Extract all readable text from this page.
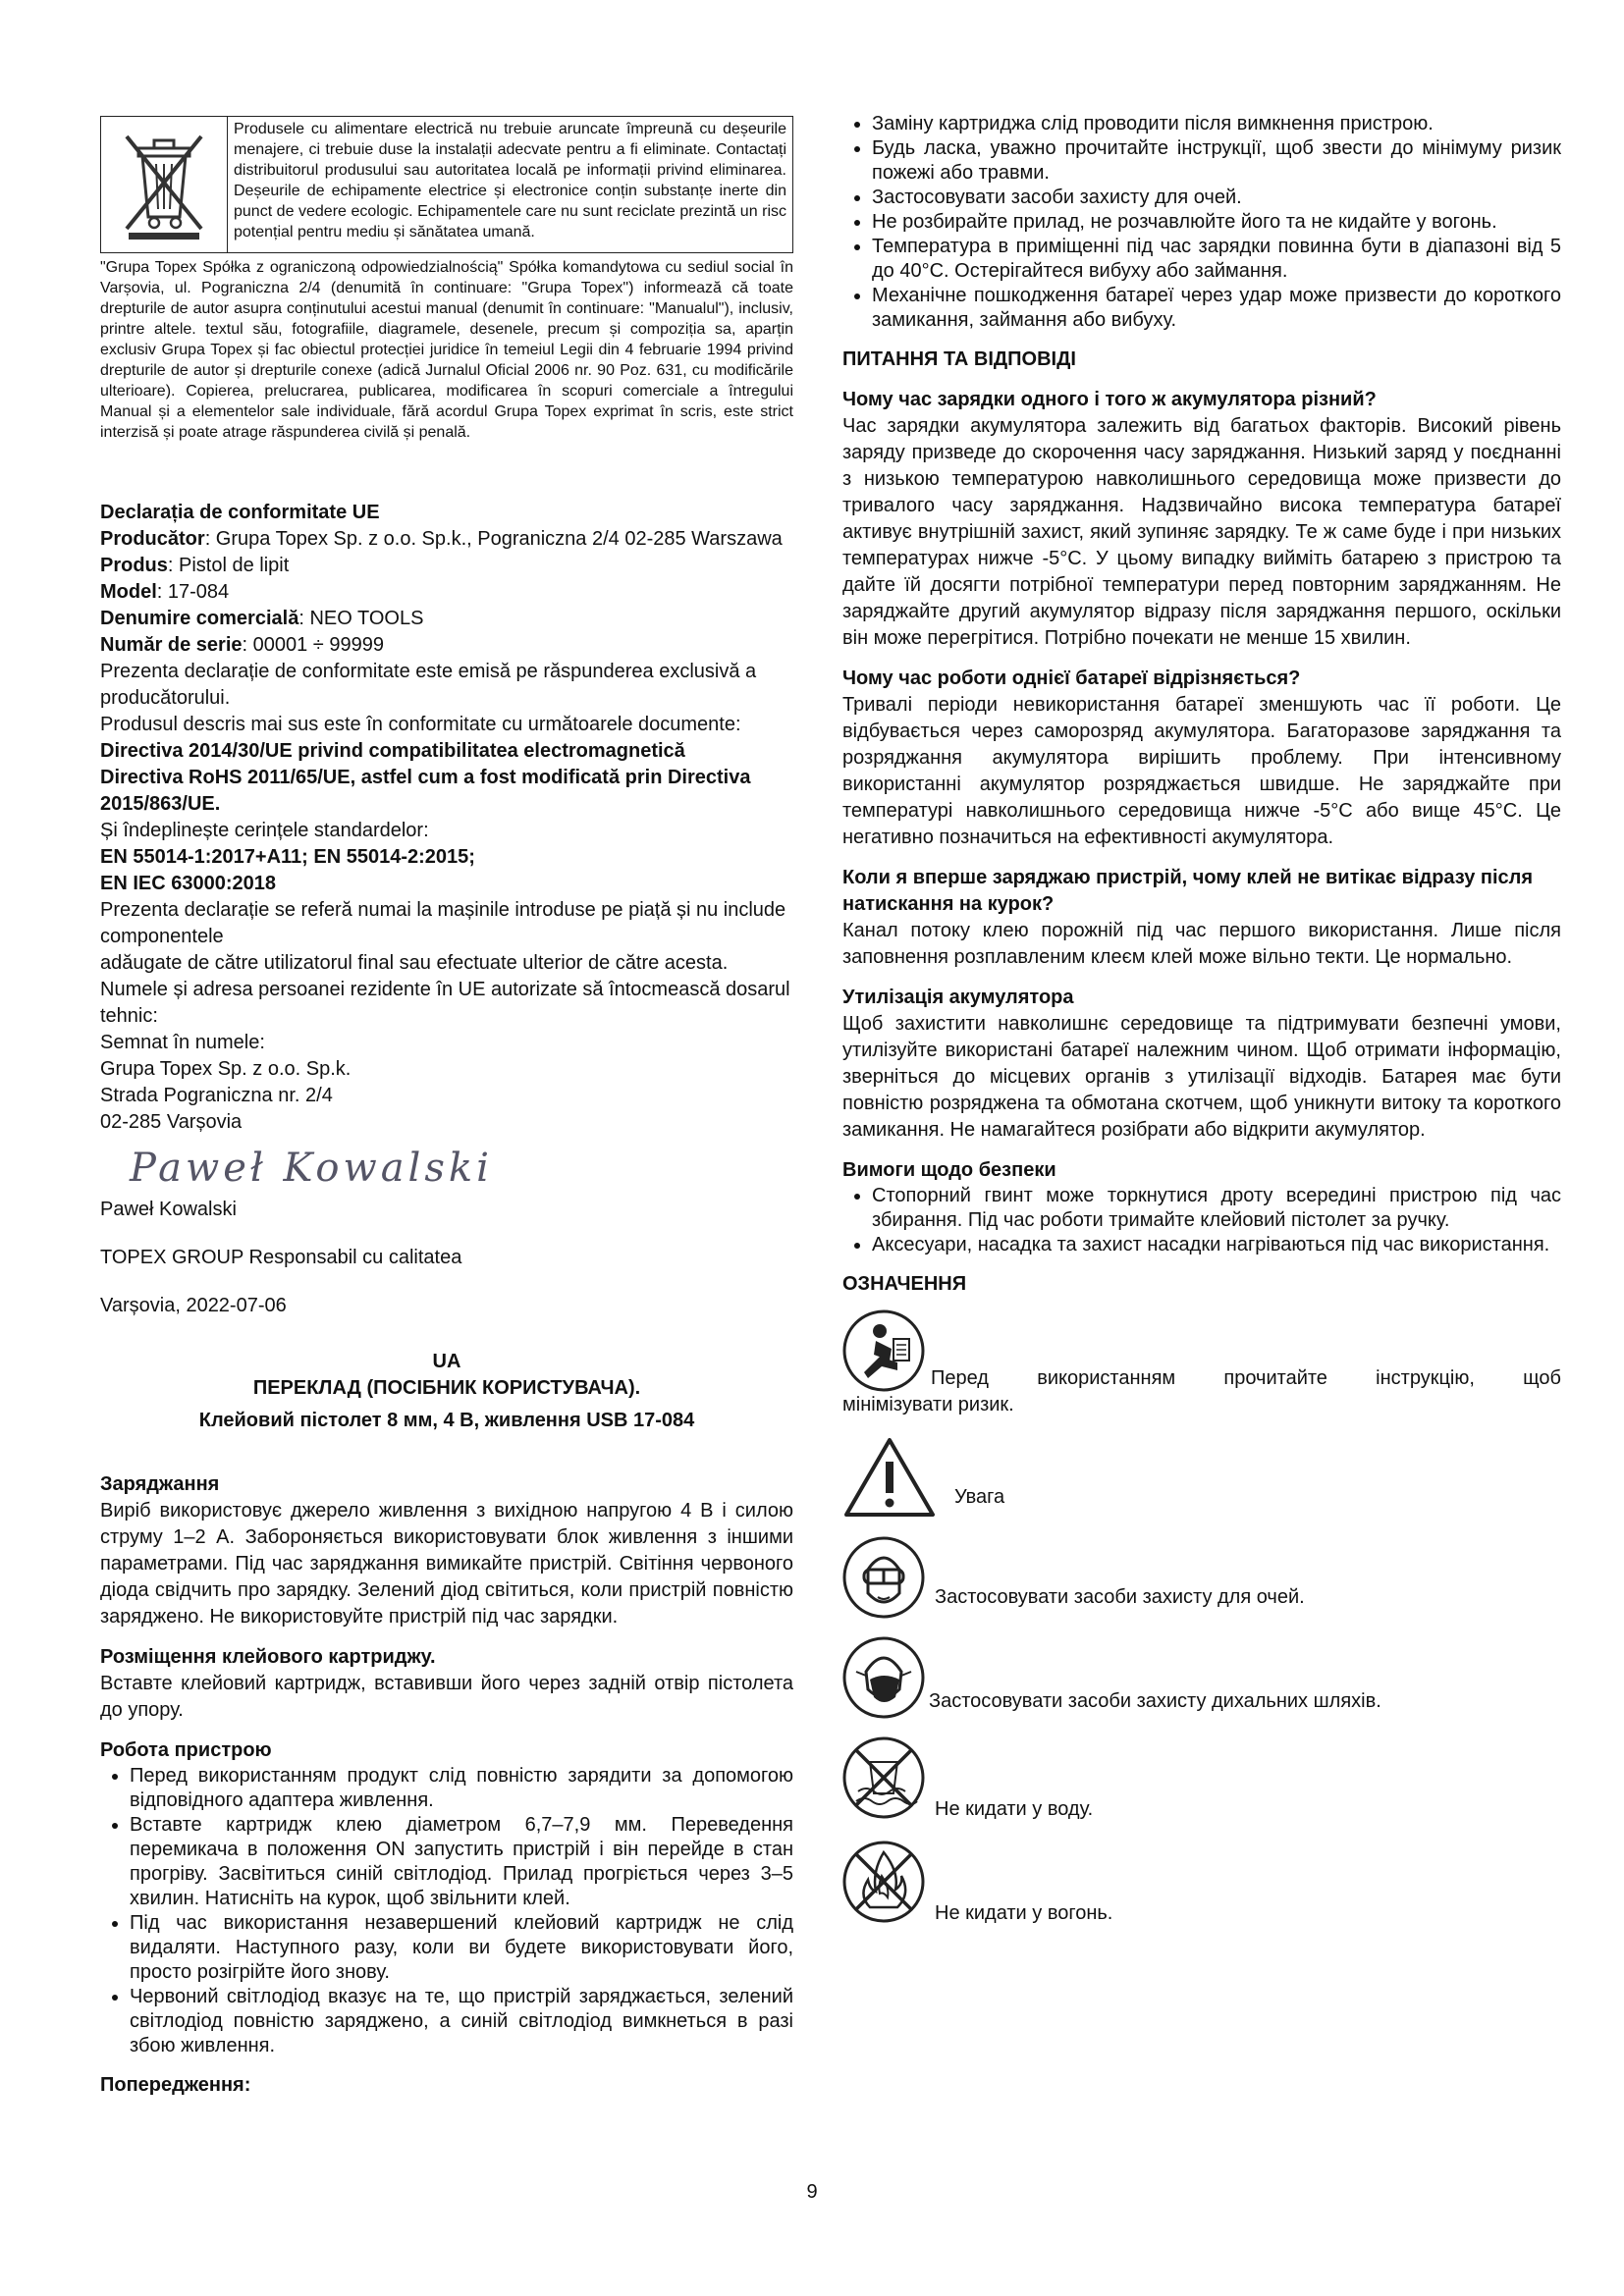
Produsele cu alimentare electrică nu trebuie aruncate împreună cu deșeurile menajere, ci trebuie duse la instalații adecvate pentru a fi eliminate. Contactați distribuitorul produsului sau autoritatea locală pe informații privind eliminarea. Deșeurile de echipamente electrice și electronice conțin substanțe inerte din punct de vedere ecologic. Echipamentele care nu sunt reciclate prezintă un risc potențial pentru mediu și sănătatea umană.

"Grupa Topex Spółka z ograniczoną odpowiedzialnością" Spółka komandytowa cu sediul social în Varșovia, ul. Pograniczna 2/4 (denumită în continuare: "Grupa Topex") informează că toate drepturile de autor asupra conținutului acestui manual (denumit în continuare: "Manualul"), inclusiv, printre altele. textul său, fotografiile, diagramele, desenele, precum și compoziția sa, aparțin exclusiv Grupa Topex și fac obiectul protecției juridice în temeiul Legii din 4 februarie 1994 privind drepturile de autor și drepturile conexe (adică Jurnalul Oficial 2006 nr. 90 Poz. 631, cu modificările ulterioare). Copierea, prelucrarea, publicarea, modificarea în scopuri comerciale a întregului Manual și a elementelor sale individuale, fără acordul Grupa Topex exprimat în scris, este strict interzisă și poate atrage răspunderea civilă și penală.

Declarația de conformitate UE

Producător: Grupa Topex Sp. z o.o. Sp.k., Pograniczna 2/4 02-285 Warszawa

Produs: Pistol de lipit

Model: 17-084

Denumire comercială: NEO TOOLS

Număr de serie: 00001 ÷ 99999

Prezenta declarație de conformitate este emisă pe răspunderea exclusivă a producătorului.

Produsul descris mai sus este în conformitate cu următoarele documente:

Directiva 2014/30/UE privind compatibilitatea electromagnetică

Directiva RoHS 2011/65/UE, astfel cum a fost modificată prin Directiva 2015/863/UE.

Și îndeplinește cerințele standardelor:

EN 55014-1:2017+A11; EN 55014-2:2015;

EN IEC 63000:2018

Prezenta declarație se referă numai la mașinile introduse pe piață și nu include componentele

adăugate de către utilizatorul final sau efectuate ulterior de către acesta.

Numele și adresa persoanei rezidente în UE autorizate să întocmească dosarul tehnic:

Semnat în numele:

Grupa Topex Sp. z o.o. Sp.k.

Strada Pograniczna nr. 2/4

02-285 Varșovia

Paweł Kowalski

Paweł Kowalski

TOPEX GROUP Responsabil cu calitatea

Varșovia, 2022-07-06

UA

ПЕРЕКЛАД (ПОСІБНИК КОРИСТУВАЧА).

Клейовий пістолет 8 мм, 4 В, живлення USB 17-084

Заряджання

Виріб використовує джерело живлення з вихідною напругою 4 В і силою струму 1–2 А. Забороняється використовувати блок живлення з іншими параметрами. Під час заряджання вимикайте пристрій. Світіння червоного діода свідчить про зарядку. Зелений діод світиться, коли пристрій повністю заряджено. Не використовуйте пристрій під час зарядки.

Розміщення клейового картриджу.

Вставте клейовий картридж, вставивши його через задній отвір пістолета до упору.

Робота пристрою

• Перед використанням продукт слід повністю зарядити за допомогою відповідного адаптера живлення.
• Вставте картридж клею діаметром 6,7–7,9 мм. Переведення перемикача в положення ON запустить пристрій і він перейде в стан прогріву. Засвітиться синій світлодіод. Прилад прогріється через 3–5 хвилин. Натисніть на курок, щоб звільнити клей.
• Під час використання незавершений клейовий картридж не слід видаляти. Наступного разу, коли ви будете використовувати його, просто розігрійте його знову.
• Червоний світлодіод вказує на те, що пристрій заряджається, зелений світлодіод повністю заряджено, а синій світлодіод вимкнеться в разі збою живлення.

Попередження:

• Заміну картриджа слід проводити після вимкнення пристрою.
• Будь ласка, уважно прочитайте інструкції, щоб звести до мінімуму ризик пожежі або травми.
• Застосовувати засоби захисту для очей.
• Не розбирайте прилад, не розчавлюйте його та не кидайте у вогонь.
• Температура в приміщенні під час зарядки повинна бути в діапазоні від 5 до 40°C. Остерігайтеся вибуху або займання.
• Механічне пошкодження батареї через удар може призвести до короткого замикання, займання або вибуху.

ПИТАННЯ ТА ВІДПОВІДІ

Чому час зарядки одного і того ж акумулятора різний?

Час зарядки акумулятора залежить від багатьох факторів. Високий рівень заряду призведе до скорочення часу заряджання. Низький заряд у поєднанні з низькою температурою навколишнього середовища може призвести до тривалого часу заряджання. Надзвичайно висока температура батареї активує внутрішній захист, який зупиняє зарядку. Те ж саме буде і при низьких температурах нижче -5°C. У цьому випадку вийміть батарею з пристрою та дайте їй досягти потрібної температури перед повторним заряджанням. Не заряджайте другий акумулятор відразу після заряджання першого, оскільки він може перегрітися. Потрібно почекати не менше 15 хвилин.

Чому час роботи однієї батареї відрізняється?

Тривалі періоди невикористання батареї зменшують час її роботи. Це відбувається через саморозряд акумулятора. Багаторазове заряджання та розряджання акумулятора вирішить проблему. При інтенсивному використанні акумулятор розряджається швидше. Не заряджайте при температурі навколишнього середовища нижче -5°C або вище 45°C. Це негативно позначиться на ефективності акумулятора.

Коли я вперше заряджаю пристрій, чому клей не витікає відразу після натискання на курок?

Канал потоку клею порожній під час першого використання. Лише після заповнення розплавленим клеєм клей може вільно текти. Це нормально.

Утилізація акумулятора

Щоб захистити навколишнє середовище та підтримувати безпечні умови, утилізуйте використані батареї належним чином. Щоб отримати інформацію, зверніться до місцевих органів з утилізації відходів. Батарея має бути повністю розряджена та обмотана скотчем, щоб уникнути витоку та короткого замикання. Не намагайтеся розібрати або відкрити акумулятор.

Вимоги щодо безпеки

• Стопорний гвинт може торкнутися дроту всередині пристрою під час збирання. Під час роботи тримайте клейовий пістолет за ручку.
• Аксесуари, насадка та захист насадки нагріваються під час використання.

ОЗНАЧЕННЯ

Перед використанням прочитайте інструкцію, щоб

мінімізувати ризик.

Увага

Застосовувати засоби захисту для очей.

Застосовувати засоби захисту дихальних шляхів.

Не кидати у воду.

Не кидати у вогонь.

9
